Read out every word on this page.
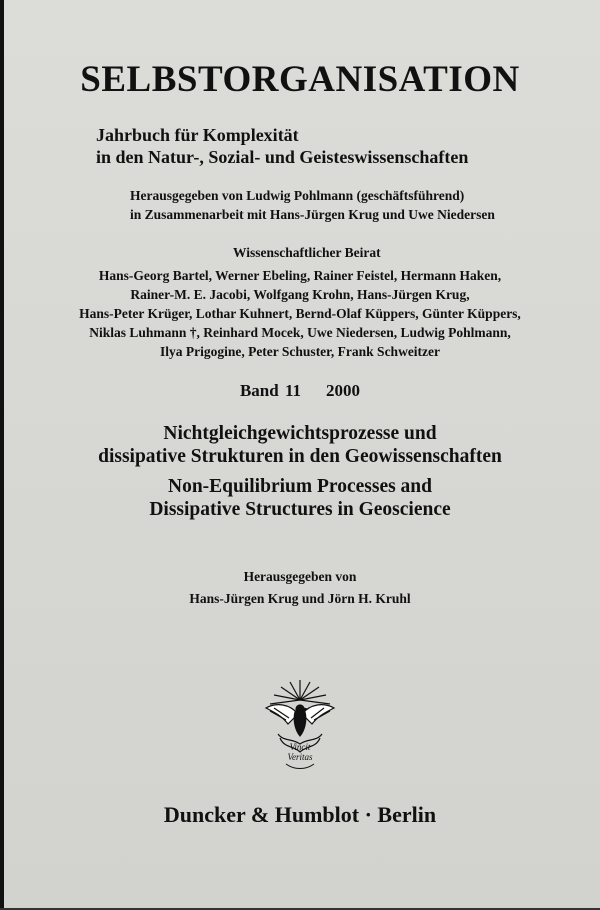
SELBSTORGANISATION
Jahrbuch für Komplexität
in den Natur-, Sozial- und Geisteswissenschaften
Herausgegeben von Ludwig Pohlmann (geschäftsführend)
in Zusammenarbeit mit Hans-Jürgen Krug und Uwe Niedersen
Wissenschaftlicher Beirat
Hans-Georg Bartel, Werner Ebeling, Rainer Feistel, Hermann Haken,
Rainer-M. E. Jacobi, Wolfgang Krohn, Hans-Jürgen Krug,
Hans-Peter Krüger, Lothar Kuhnert, Bernd-Olaf Küppers, Günter Küppers,
Niklas Luhmann †, Reinhard Mocek, Uwe Niedersen, Ludwig Pohlmann,
Ilya Prigogine, Peter Schuster, Frank Schweitzer
Band 11 2000
Nichtgleichgewichtsprozesse und
dissipative Strukturen in den Geowissenschaften
Non-Equilibrium Processes and
Dissipative Structures in Geoscience
Herausgegeben von
Hans-Jürgen Krug und Jörn H. Kruhl
Vincit
Veritas
Duncker & Humblot · Berlin
